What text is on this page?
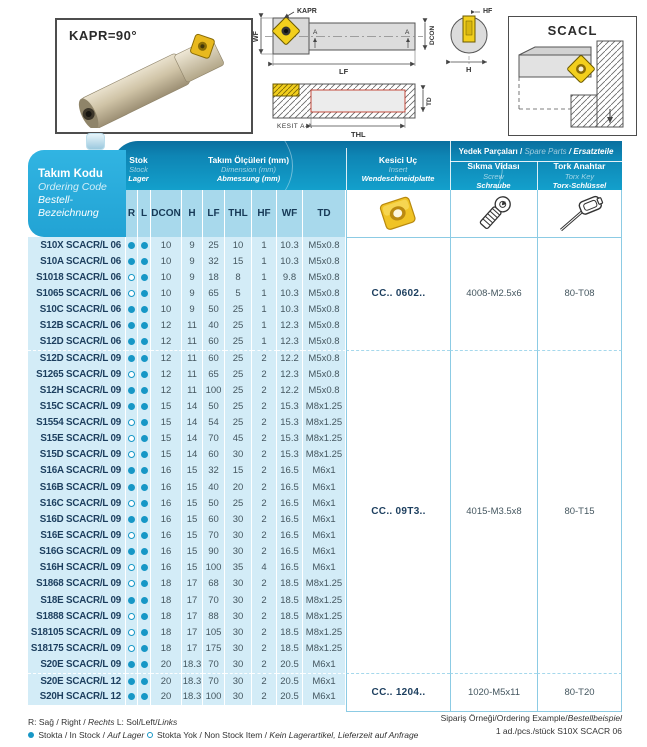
KAPR=90°
KAPR
WF	A	A	DCON
LF
HF
H
KESIT A-A
THL
TD
SCACL
Yedek Parçaları /
Spare Parts
/ Ersatzteile
Stok
Stock
Lager
Takım Ölçüleri (mm)
Dimension (mm)
Abmessung (mm)
Kesici Uç
Insert
Wendeschneidplatte
Sıkma Vidası
Screw
Schraube
Tork Anahtar
Torx Key
Torx-Schlüssel
Takım Kodu
Ordering Code
Bestell-Bezeichnung	R L DCON H	LF THL HF	WF	TD
S10X SCACR/L 06	10	9	25	10	1	10.3	M5x0.8
S10A SCACR/L 06	10	9	32	15	1	10.3	M5x0.8
S1018 SCACR/L 06	10	9	18	8	1	9.8	M5x0.8
S1065 SCACR/L 06	10	9	65	5	1	10.3	M5x0.8
S10C SCACR/L 06	10	9	50	25	1	10.3	M5x0.8
S12B SCACR/L 06	12	11	40	25	1	12.3	M5x0.8
S12D SCACR/L 06	12	11	60	25	1	12.3	M5x0.8
S12D SCACR/L 09	12	11	60	25	2	12.2	M5x0.8
S1265 SCACR/L 09	12	11	65	25	2	12.3	M5x0.8
S12H SCACR/L 09	12	11 100	25	2	12.2	M5x0.8
S15C SCACR/L 09	15	14	50	25	2	15.3 M8x1.25
S1554 SCACR/L 09	15	14	54	25	2	15.3 M8x1.25
S15E SCACR/L 09	15	14	70	45	2	15.3 M8x1.25
S15D SCACR/L 09	15	14	60	30	2	15.3 M8x1.25
S16A SCACR/L 09	16	15	32	15	2	16.5	M6x1
S16B SCACR/L 09	16	15	40	20	2	16.5	M6x1
S16C SCACR/L 09	16	15	50	25	2	16.5	M6x1
S16D SCACR/L 09	16	15	60	30	2	16.5	M6x1
S16E SCACR/L 09	16	15	70	30	2	16.5	M6x1
S16G SCACR/L 09	16	15	90	30	2	16.5	M6x1
S16H SCACR/L 09	16	15 100	35	4	16.5	M6x1
S1868 SCACR/L 09	18	17	68	30	2	18.5 M8x1.25
S18E SCACR/L 09	18	17	70	30	2	18.5 M8x1.25
S1888 SCACR/L 09	18	17	88	30	2	18.5 M8x1.25
S18105 SCACR/L 09	18	17 105	30	2	18.5 M8x1.25
S18175 SCACR/L 09	18	17 175	30	2	18.5 M8x1.25
S20E SCACR/L 09	20	18.3 70	30	2	20.5	M6x1
S20E SCACR/L 12	20	18.3 70	30	2	20.5	M6x1
S20H SCACR/L 12	20	18.3 100	30	2	20.5	M6x1
CC.. 0602..	4008-M2.5x6	80-T08
CC.. 09T3..	4015-M3.5x8	80-T15
CC.. 1204..	1020-M5x11	80-T20
R: Sağ / Right / Rechts L: Sol/Left/Links
Stokta / In Stock / Auf Lager  Stokta Yok / Non Stock Item / Kein Lagerartikel, Lieferzeit auf Anfrage
Sipariş Örneği/Ordering Example/Bestellbeispiel
1 ad./pcs./stück S10X SCACR 06
